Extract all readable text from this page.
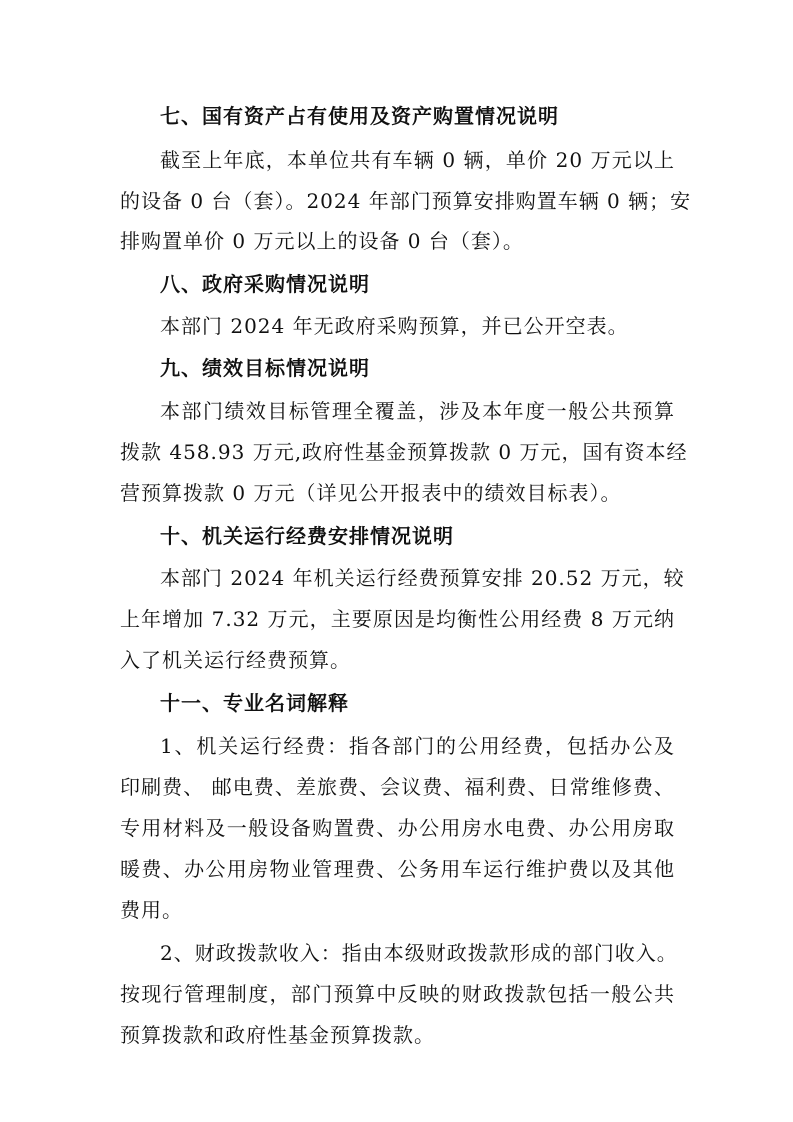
七、国有资产占有使用及资产购置情况说明
截至上年底，本单位共有车辆 0 辆，单价 20 万元以上
的设备 0 台（套）。2024 年部门预算安排购置车辆 0 辆；安
排购置单价 0 万元以上的设备 0 台（套）。
八、政府采购情况说明
本部门 2024 年无政府采购预算，并已公开空表。
九、绩效目标情况说明
本部门绩效目标管理全覆盖，涉及本年度一般公共预算
拨款 458.93 万元,政府性基金预算拨款 0 万元，国有资本经
营预算拨款 0 万元（详见公开报表中的绩效目标表）。
十、机关运行经费安排情况说明
本部门 2024 年机关运行经费预算安排 20.52 万元，较
上年增加 7.32 万元，主要原因是均衡性公用经费 8 万元纳
入了机关运行经费预算。
十一、专业名词解释
1、机关运行经费：指各部门的公用经费，包括办公及
印刷费、 邮电费、差旅费、会议费、福利费、日常维修费、
专用材料及一般设备购置费、办公用房水电费、办公用房取
暖费、办公用房物业管理费、公务用车运行维护费以及其他
费用。
2、财政拨款收入：指由本级财政拨款形成的部门收入。
按现行管理制度，部门预算中反映的财政拨款包括一般公共
预算拨款和政府性基金预算拨款。
